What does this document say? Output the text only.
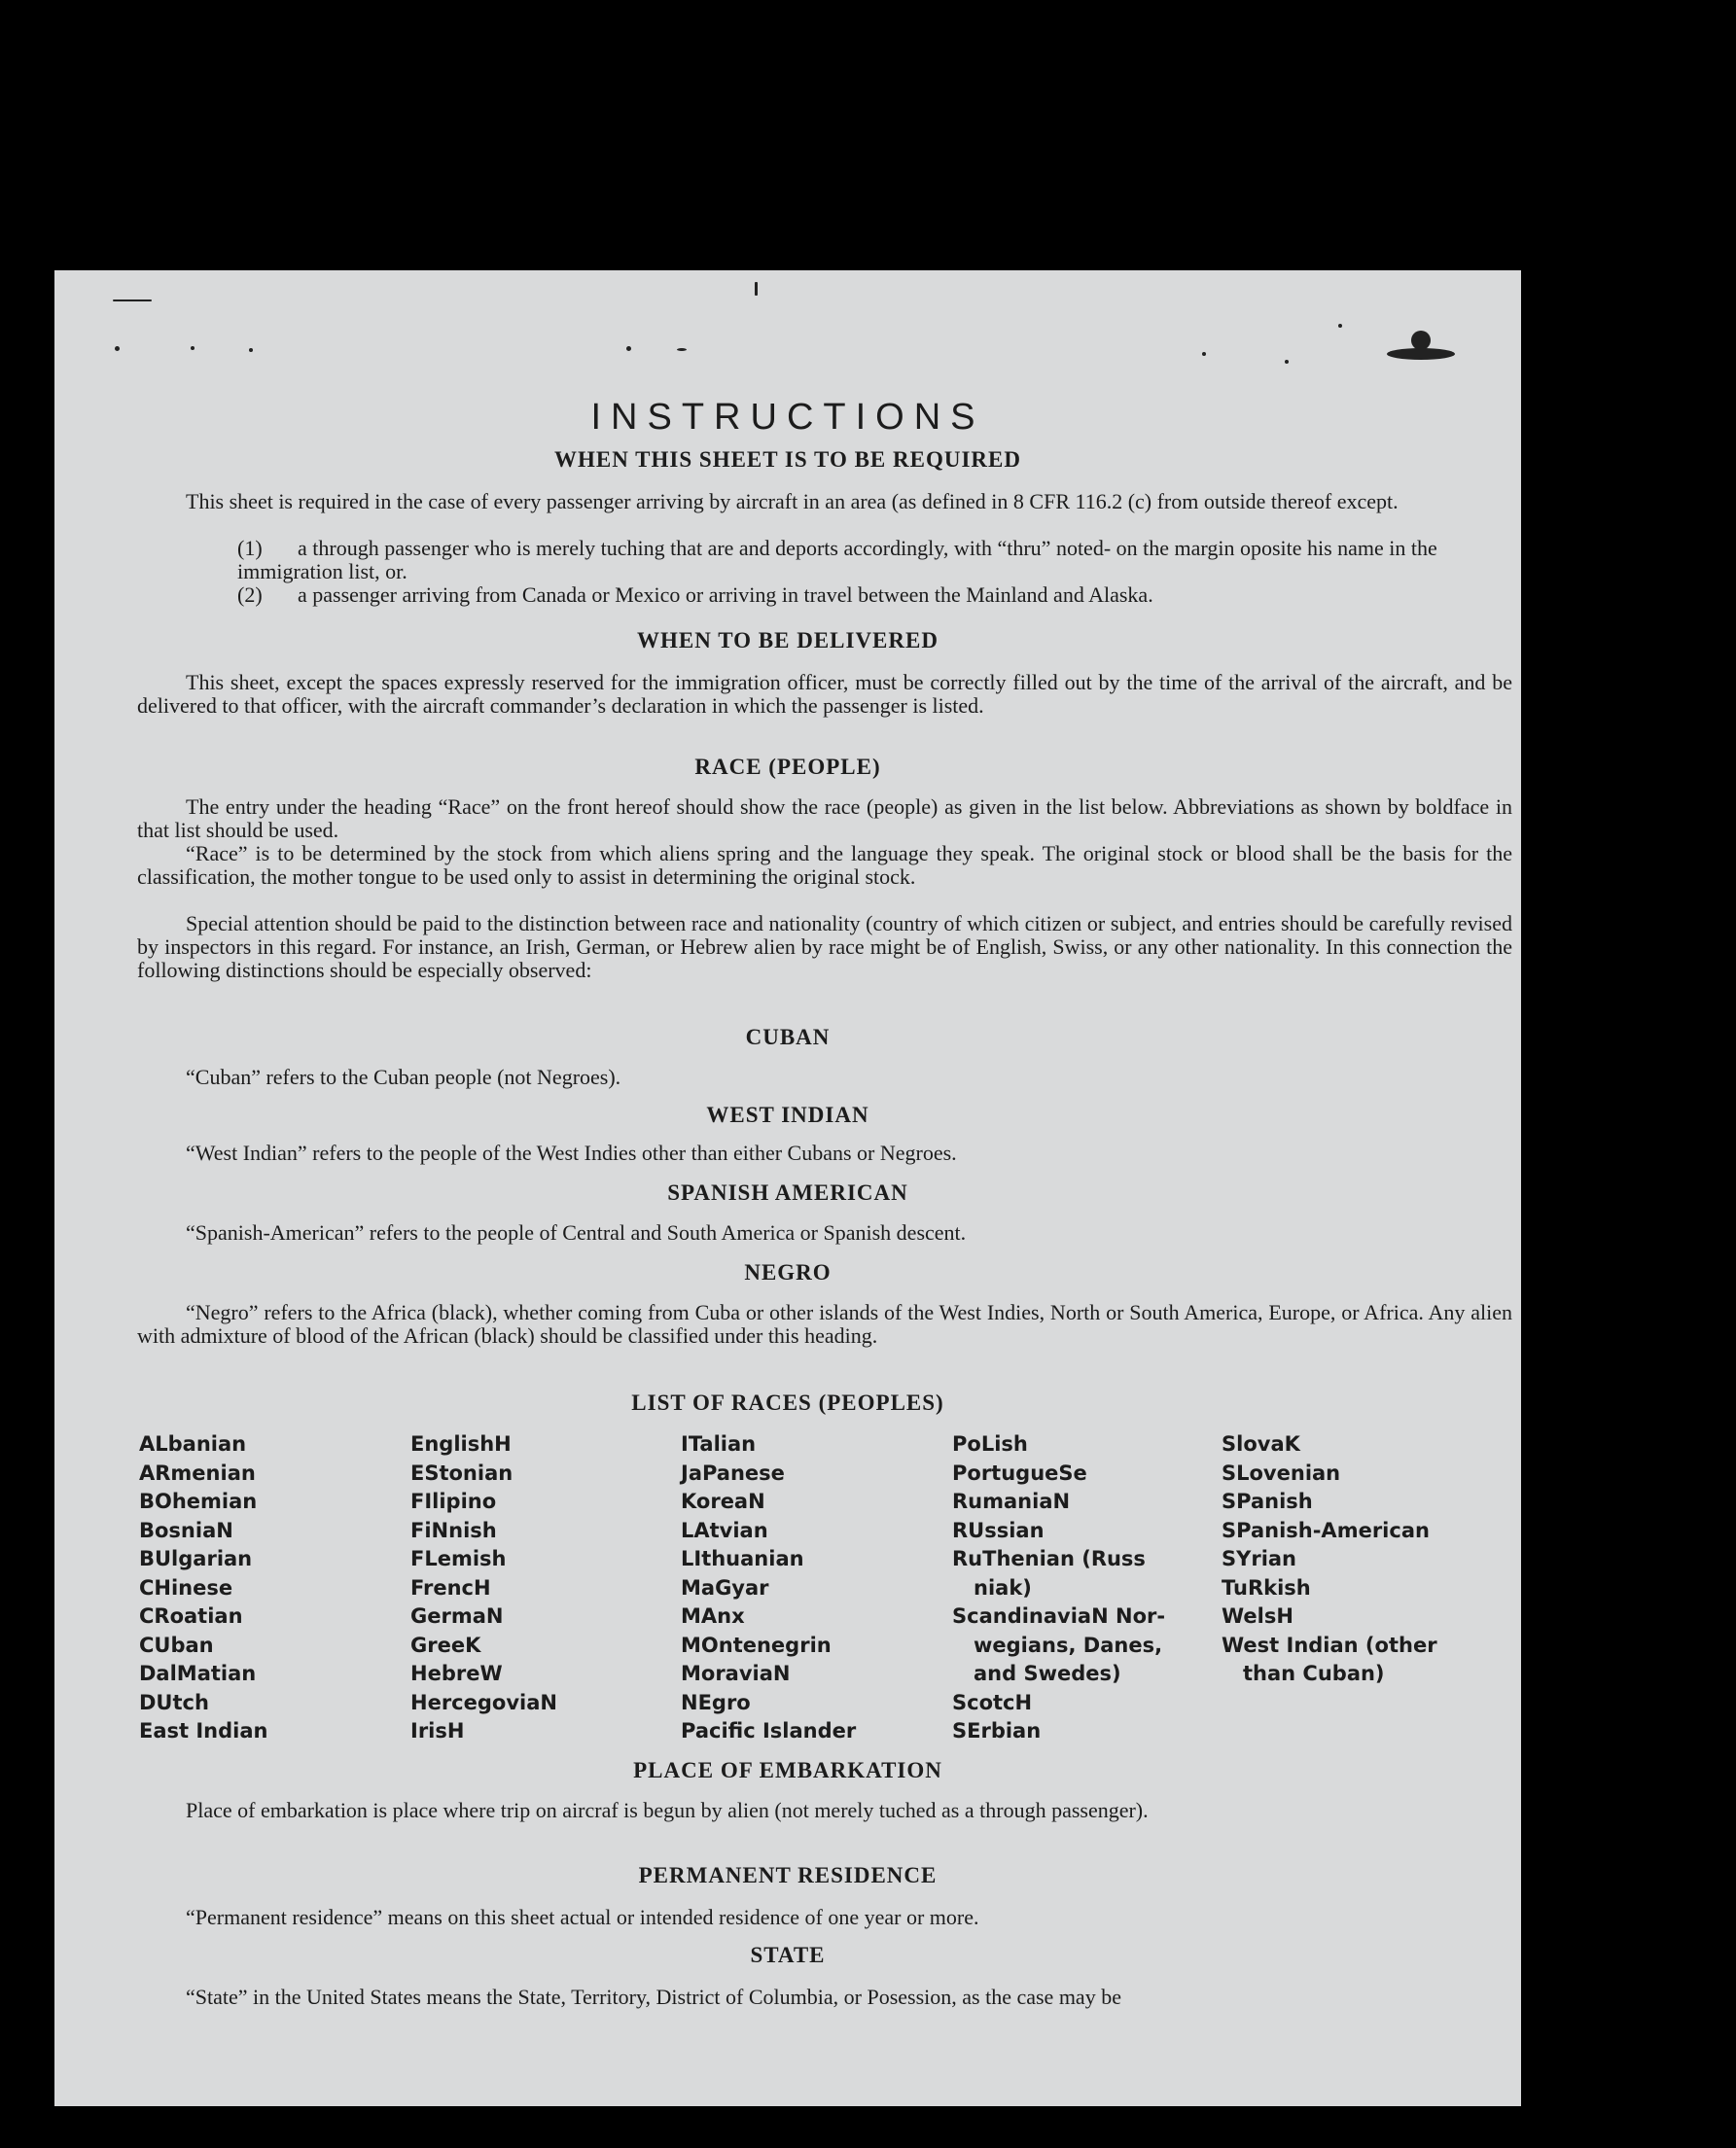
INSTRUCTIONS
WHEN THIS SHEET IS TO BE REQUIRED

This sheet is required in the case of every passenger arriving by aircraft in an area (as defined in 8 CFR 116.2 (c) from outside thereof except.

(1) a through passenger who is merely tuching that are and deports accordingly, with “thru” noted- on the margin oposite his name in the immigration list, or.
(2) a passenger arriving from Canada or Mexico or arriving in travel between the Mainland and Alaska.
WHEN TO BE DELIVERED

This sheet, except the spaces expressly reserved for the immigration officer, must be correctly filled out by the time of the arrival of the aircraft, and be delivered to that officer, with the aircraft commander’s declaration in which the passenger is listed.

RACE (PEOPLE)

The entry under the heading “Race” on the front hereof should show the race (people) as given in the list below. Abbreviations as shown by boldface in that list should be used.

“Race” is to be determined by the stock from which aliens spring and the language they speak. The original stock or blood shall be the basis for the classification, the mother tongue to be used only to assist in determining the original stock.

Special attention should be paid to the distinction between race and nationality (country of which citizen or subject, and entries should be carefully revised by inspectors in this regard. For instance, an Irish, German, or Hebrew alien by race might be of English, Swiss, or any other nationality. In this connection the following distinctions should be especially observed:

CUBAN

“Cuban” refers to the Cuban people (not Negroes).

WEST INDIAN

“West Indian” refers to the people of the West Indies other than either Cubans or Negroes.

SPANISH AMERICAN

“Spanish-American” refers to the people of Central and South America or Spanish descent.

NEGRO

“Negro” refers to the Africa (black), whether coming from Cuba or other islands of the West Indies, North or South America, Europe, or Africa. Any alien with admixture of blood of the African (black) should be classified under this heading.

LIST OF RACES (PEOPLES)
ALbanian
ARmenian
BOhemian
BosniaN
BUlgarian
CHinese
CRoatian
CUban
DalMatian
DUtch
East Indian
EnglishH
EStonian
FIlipino
FiNnish
FLemish
FrencH
GermaN
GreeK
HebreW
HercegoviaN
IrisH
ITalian
JaPanese
KoreaN
LAtvian
LIthuanian
MaGyar
MAnx
MOntenegrin
MoraviaN
NEgro
Pacific Islander
PoLish
PortugueSe
RumaniaN
RUssian
RuThenian (Russ
niak)
ScandinaviaN Nor-
wegians, Danes,
and Swedes)
ScotcH
SErbian
SlovaK
SLovenian
SPanish
SPanish-American
SYrian
TuRkish
WelsH
West Indian (other
than Cuban)
PLACE OF EMBARKATION

Place of embarkation is place where trip on aircraf is begun by alien (not merely tuched as a through passenger).

PERMANENT RESIDENCE

“Permanent residence” means on this sheet actual or intended residence of one year or more.

STATE

“State” in the United States means the State, Territory, District of Columbia, or Posession, as the case may be
